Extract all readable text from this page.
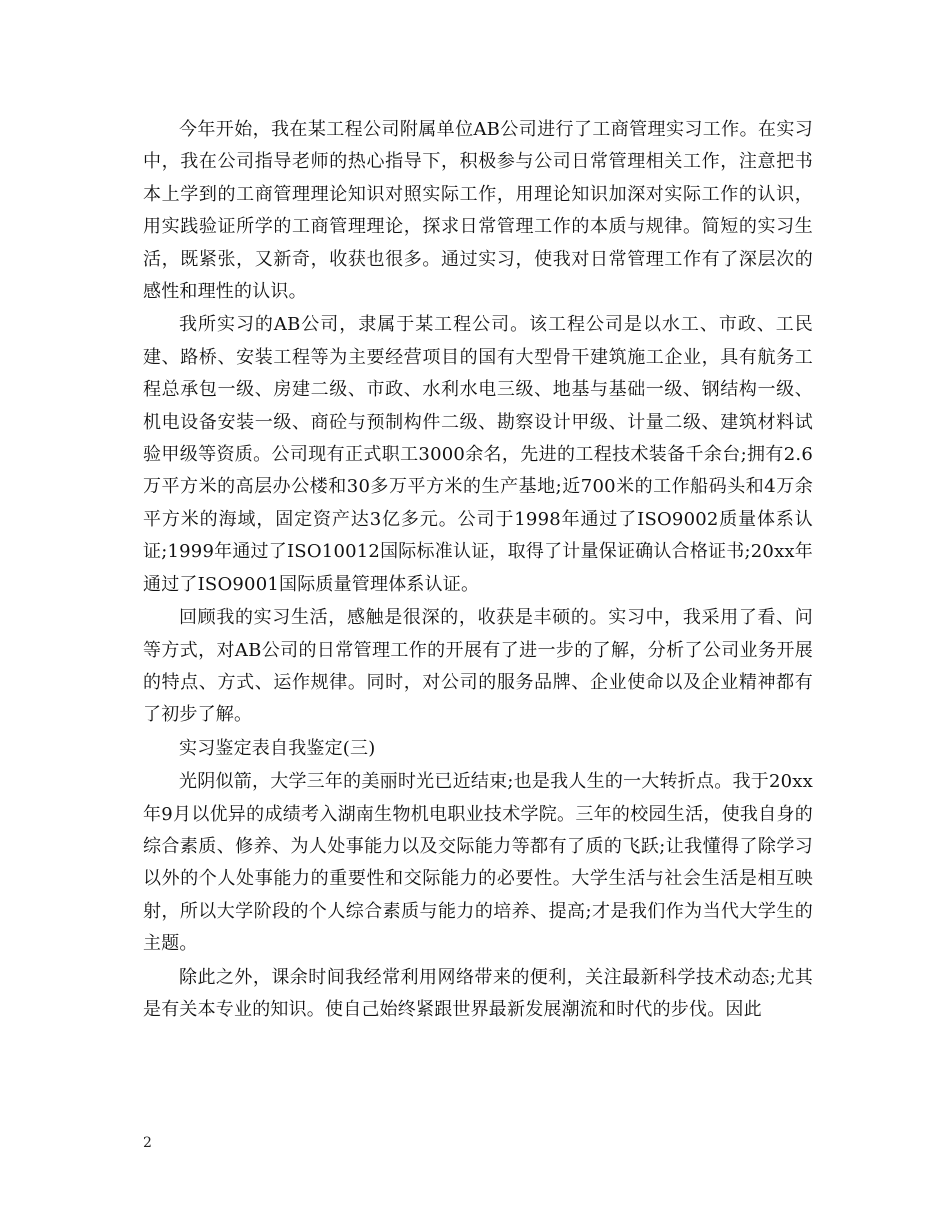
今年开始，我在某工程公司附属单位AB公司进行了工商管理实习工作。在实习中，我在公司指导老师的热心指导下，积极参与公司日常管理相关工作，注意把书本上学到的工商管理理论知识对照实际工作，用理论知识加深对实际工作的认识，用实践验证所学的工商管理理论，探求日常管理工作的本质与规律。简短的实习生活，既紧张，又新奇，收获也很多。通过实习，使我对日常管理工作有了深层次的感性和理性的认识。

我所实习的AB公司，隶属于某工程公司。该工程公司是以水工、市政、工民建、路桥、安装工程等为主要经营项目的国有大型骨干建筑施工企业，具有航务工程总承包一级、房建二级、市政、水利水电三级、地基与基础一级、钢结构一级、机电设备安装一级、商砼与预制构件二级、勘察设计甲级、计量二级、建筑材料试验甲级等资质。公司现有正式职工3000余名，先进的工程技术装备千余台;拥有2.6万平方米的高层办公楼和30多万平方米的生产基地;近700米的工作船码头和4万余平方米的海域，固定资产达3亿多元。公司于1998年通过了ISO9002质量体系认证;1999年通过了ISO10012国际标准认证，取得了计量保证确认合格证书;20xx年通过了ISO9001国际质量管理体系认证。

回顾我的实习生活，感触是很深的，收获是丰硕的。实习中，我采用了看、问等方式，对AB公司的日常管理工作的开展有了进一步的了解，分析了公司业务开展的特点、方式、运作规律。同时，对公司的服务品牌、企业使命以及企业精神都有了初步了解。

实习鉴定表自我鉴定(三)

光阴似箭，大学三年的美丽时光已近结束;也是我人生的一大转折点。我于20xx年9月以优异的成绩考入湖南生物机电职业技术学院。三年的校园生活，使我自身的综合素质、修养、为人处事能力以及交际能力等都有了质的飞跃;让我懂得了除学习以外的个人处事能力的重要性和交际能力的必要性。大学生活与社会生活是相互映射，所以大学阶段的个人综合素质与能力的培养、提高;才是我们作为当代大学生的主题。

除此之外，课余时间我经常利用网络带来的便利，关注最新科学技术动态;尤其是有关本专业的知识。使自己始终紧跟世界最新发展潮流和时代的步伐。因此

2
